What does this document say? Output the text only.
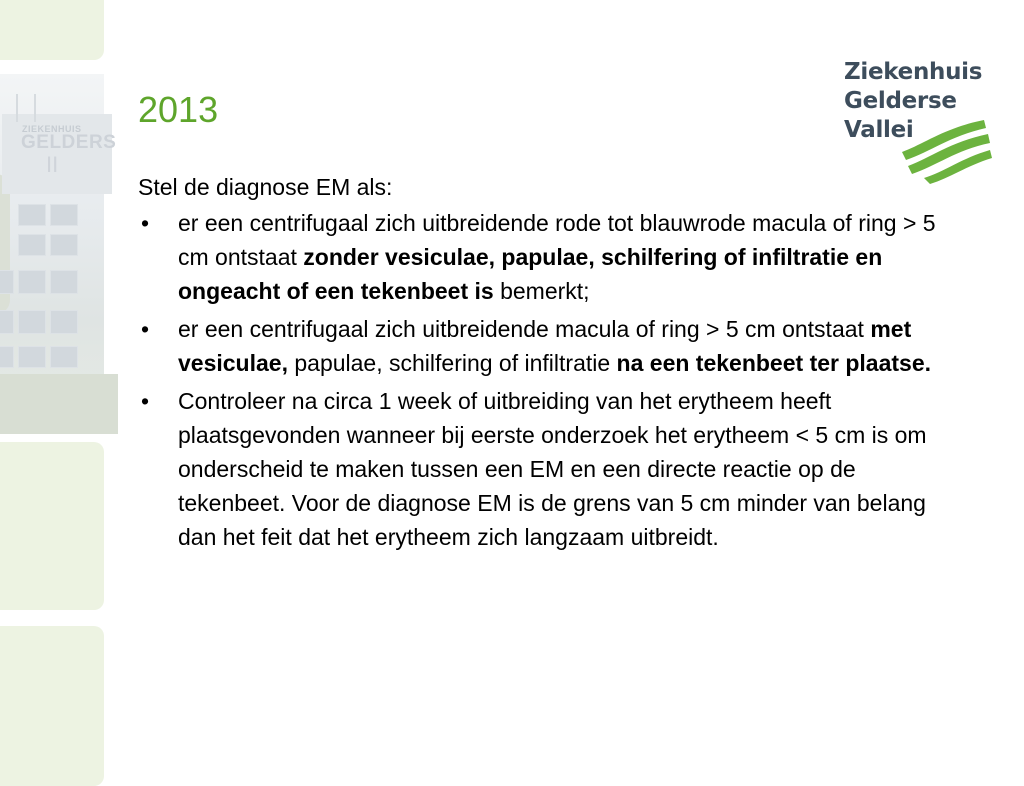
ZIEKENHUIS
GELDERS
II
Ziekenhuis
Gelderse
Vallei
2013

Stel de diagnose EM als:

• er een centrifugaal zich uitbreidende rode tot blauwrode macula of ring > 5 cm ontstaat zonder vesiculae, papulae, schilfering of infiltratie en ongeacht of een tekenbeet is bemerkt;
• er een centrifugaal zich uitbreidende macula of ring > 5 cm ontstaat met vesiculae, papulae, schilfering of infiltratie na een tekenbeet ter plaatse.
• Controleer na circa 1 week of uitbreiding van het erytheem heeft plaatsgevonden wanneer bij eerste onderzoek het erytheem < 5 cm is om onderscheid te maken tussen een EM en een directe reactie op de tekenbeet. Voor de diagnose EM is de grens van 5 cm minder van belang dan het feit dat het erytheem zich langzaam uitbreidt.
